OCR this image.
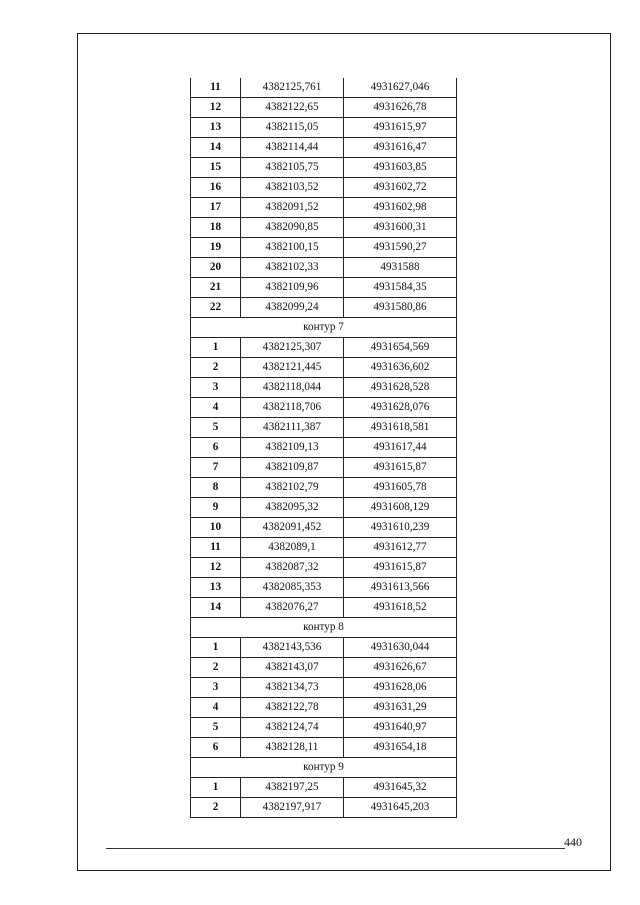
11	4382125,761	4931627,046
12	4382122,65	4931626,78
13	4382115,05	4931615,97
14	4382114,44	4931616,47
15	4382105,75	4931603,85
16	4382103,52	4931602,72
17	4382091,52	4931602,98
18	4382090,85	4931600,31
19	4382100,15	4931590,27
20	4382102,33	4931588
21	4382109,96	4931584,35
22	4382099,24	4931580,86
контур 7		
1	4382125,307	4931654,569
2	4382121,445	4931636,602
3	4382118,044	4931628,528
4	4382118,706	4931628,076
5	4382111,387	4931618,581
6	4382109,13	4931617,44
7	4382109,87	4931615,87
8	4382102,79	4931605,78
9	4382095,32	4931608,129
10	4382091,452	4931610,239
11	4382089,1	4931612,77
12	4382087,32	4931615,87
13	4382085,353	4931613,566
14	4382076,27	4931618,52
контур 8		
1	4382143,536	4931630,044
2	4382143,07	4931626,67
3	4382134,73	4931628,06
4	4382122,78	4931631,29
5	4382124,74	4931640,97
6	4382128,11	4931654,18
контур 9		
1	4382197,25	4931645,32
2	4382197,917	4931645,203
440
